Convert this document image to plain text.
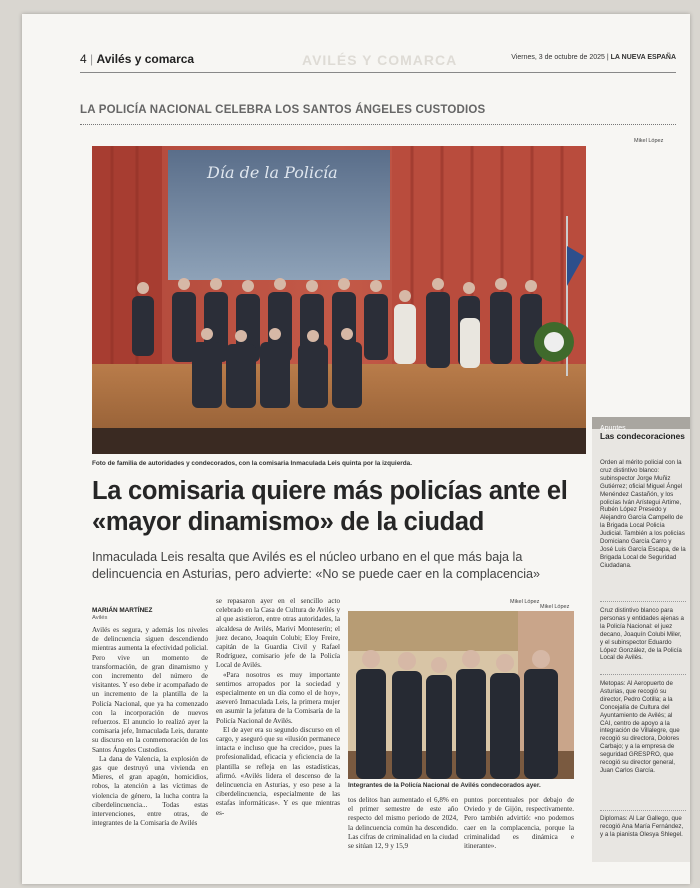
AVILÉS Y COMARCA
4 | Avilés y comarca	Viernes, 3 de octubre de 2025 | LA NUEVA ESPAÑA
LA POLICÍA NACIONAL CELEBRA LOS SANTOS ÁNGELES CUSTODIOS
Mikel López
Día de la Policía
Foto de familia de autoridades y condecorados, con la comisaria Inmaculada Leis quinta por la izquierda.
La comisaria quiere más policías ante el «mayor dinamismo» de la ciudad
Inmaculada Leis resalta que Avilés es el núcleo urbano en el que más baja la delincuencia en Asturias, pero advierte: «No se puede caer en la complacencia»
Mikel López
MARIÁN MARTÍNEZ
Avilés

Avilés es segura, y además los niveles de delincuencia siguen descendiendo mientras aumenta la efectividad policial. Pero vive un momento de transformación, de gran dinamismo y con incremento del número de visitantes. Y eso debe ir acompañado de un incremento de la plantilla de la Policía Nacional, que ya ha comenzado con la incorporación de nuevos refuerzos. El anuncio lo realizó ayer la comisaria jefe, Inmaculada Leis, durante su discurso en la conmemoración de los Santos Ángeles Custodios.

La dana de Valencia, la explosión de gas que destruyó una vivienda en Mieres, el gran apagón, homicidios, robos, la atención a las víctimas de violencia de género, la lucha contra la ciberdelincuencia... Todas estas intervenciones, entre otras, de integrantes de la Comisaría de Avilés

se repasaron ayer en el sencillo acto celebrado en la Casa de Cultura de Avilés y al que asistieron, entre otras autoridades, la alcaldesa de Avilés, Mariví Monteserín; el juez decano, Joaquín Colubi; Eloy Freire, capitán de la Guardia Civil y Rafael Rodríguez, comisario jefe de la Policía Local de Avilés.

«Para nosotros es muy importante sentirnos arropados por la sociedad y especialmente en un día como el de hoy», aseveró Inmaculada Leis, la primera mujer en asumir la jefatura de la Comisaría de la Policía Nacional de Avilés.

El de ayer era su segundo discurso en el cargo, y aseguró que su «ilusión permanece intacta e incluso que ha crecido», pues la profesionalidad, eficacia y eficiencia de la plantilla se refleja en las estadísticas, afirmó. «Avilés lidera el descenso de la delincuencia en Asturias, y eso pese a la ciberdelincuencia, especialmente de las estafas informáticas». Y es que mientras es-

Mikel López
Integrantes de la Policía Nacional de Avilés condecorados ayer.

tos delitos han aumentado el 6,8% en el primer semestre de este año respecto del mismo periodo de 2024, la delincuencia común ha descendido. Las cifras de criminalidad en la ciudad se sitúan 12, 9 y 15,9

puntos porcentuales por debajo de Oviedo y de Gijón, respectivamente. Pero también advirtió: «no podemos caer en la complacencia, porque la criminalidad es dinámica e itinerante».

Apuntes
Las condecoraciones
Orden al mérito policial con la cruz distintivo blanco: subinspector Jorge Muñiz Gutiérrez; oficial Miguel Ángel Menéndez Castañón, y los policías Iván Arístegui Artime, Rubén López Presedo y Alejandro García Campello de la Brigada Local Policía Judicial. También a los policías Domiciano García Carro y José Luis García Escapa, de la Brigada Local de Seguridad Ciudadana.
Cruz distintivo blanco para personas y entidades ajenas a la Policía Nacional: el juez decano, Joaquín Colubi Miler, y el subinspector Eduardo López González, de la Policía Local de Avilés.
Metopas: Al Aeropuerto de Asturias, que recogió su director, Pedro Cotilla; a la Concejalía de Cultura del Ayuntamiento de Avilés; al CAI, centro de apoyo a la integración de Villalegre, que recogió su directora, Dolores Carbajo; y a la empresa de seguridad GRESPRO, que recogió su director general, Juan Carlos García.
Diplomas: Al Lar Gallego, que recogió Ana María Fernández, y a la pianista Olesya Shlegel.
